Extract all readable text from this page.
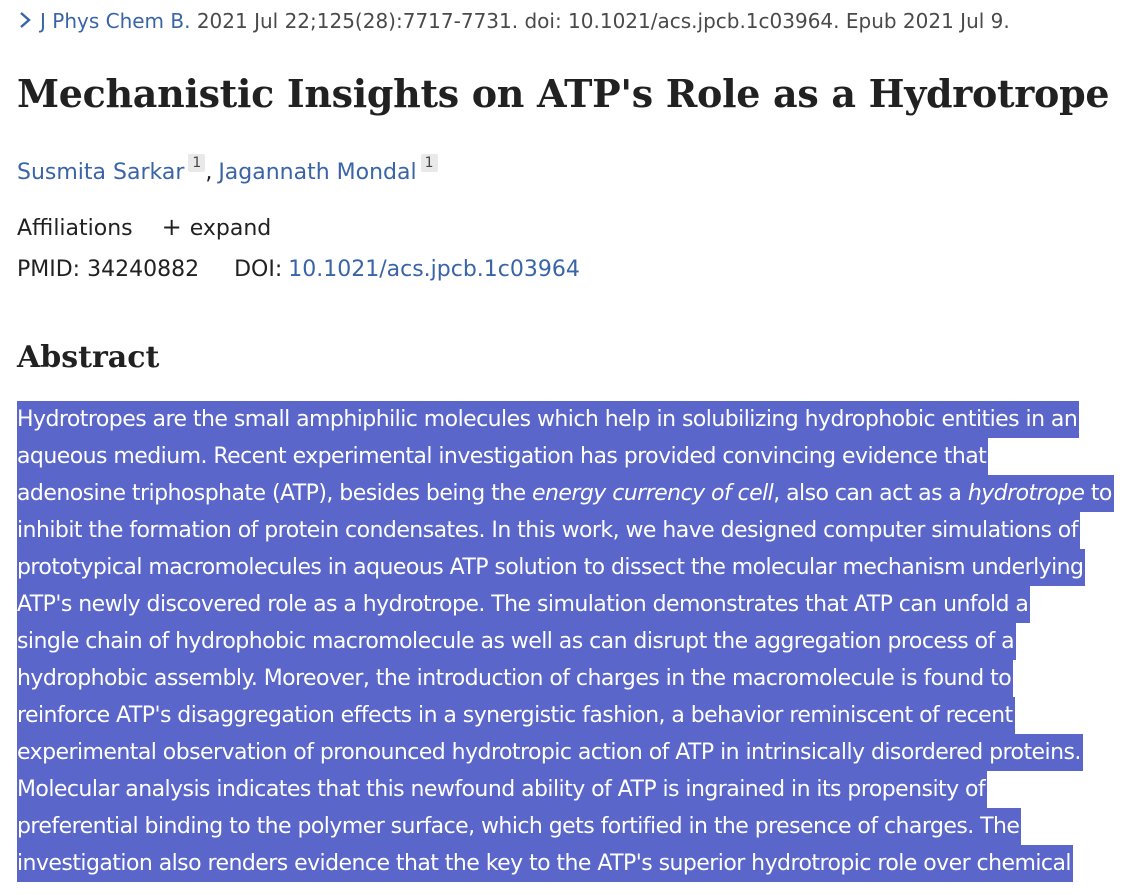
J Phys Chem B. 2021 Jul 22;125(28):7717-7731. doi: 10.1021/acs.jpcb.1c03964. Epub 2021 Jul 9.
Mechanistic Insights on ATP's Role as a Hydrotrope
Susmita Sarkar $^1$ , Jagannath Mondal $^1$
Affiliations + expand
PMID: 34240882 DOI: 10.1021/acs.jpcb.1c03964
Abstract
Hydrotropes are the small amphiphilic molecules which help in solubilizing hydrophobic entities in an
aqueous medium. Recent experimental investigation has provided convincing evidence that
adenosine triphosphate (ATP), besides being the energy currency of cell, also can act as a hydrotrope to
inhibit the formation of protein condensates. In this work, we have designed computer simulations of
prototypical macromolecules in aqueous ATP solution to dissect the molecular mechanism underlying
ATP's newly discovered role as a hydrotrope. The simulation demonstrates that ATP can unfold a
single chain of hydrophobic macromolecule as well as can disrupt the aggregation process of a
hydrophobic assembly. Moreover, the introduction of charges in the macromolecule is found to
reinforce ATP's disaggregation effects in a synergistic fashion, a behavior reminiscent of recent
experimental observation of pronounced hydrotropic action of ATP in intrinsically disordered proteins.
Molecular analysis indicates that this newfound ability of ATP is ingrained in its propensity of
preferential binding to the polymer surface, which gets fortified in the presence of charges. The
investigation also renders evidence that the key to the ATP's superior hydrotropic role over chemical
